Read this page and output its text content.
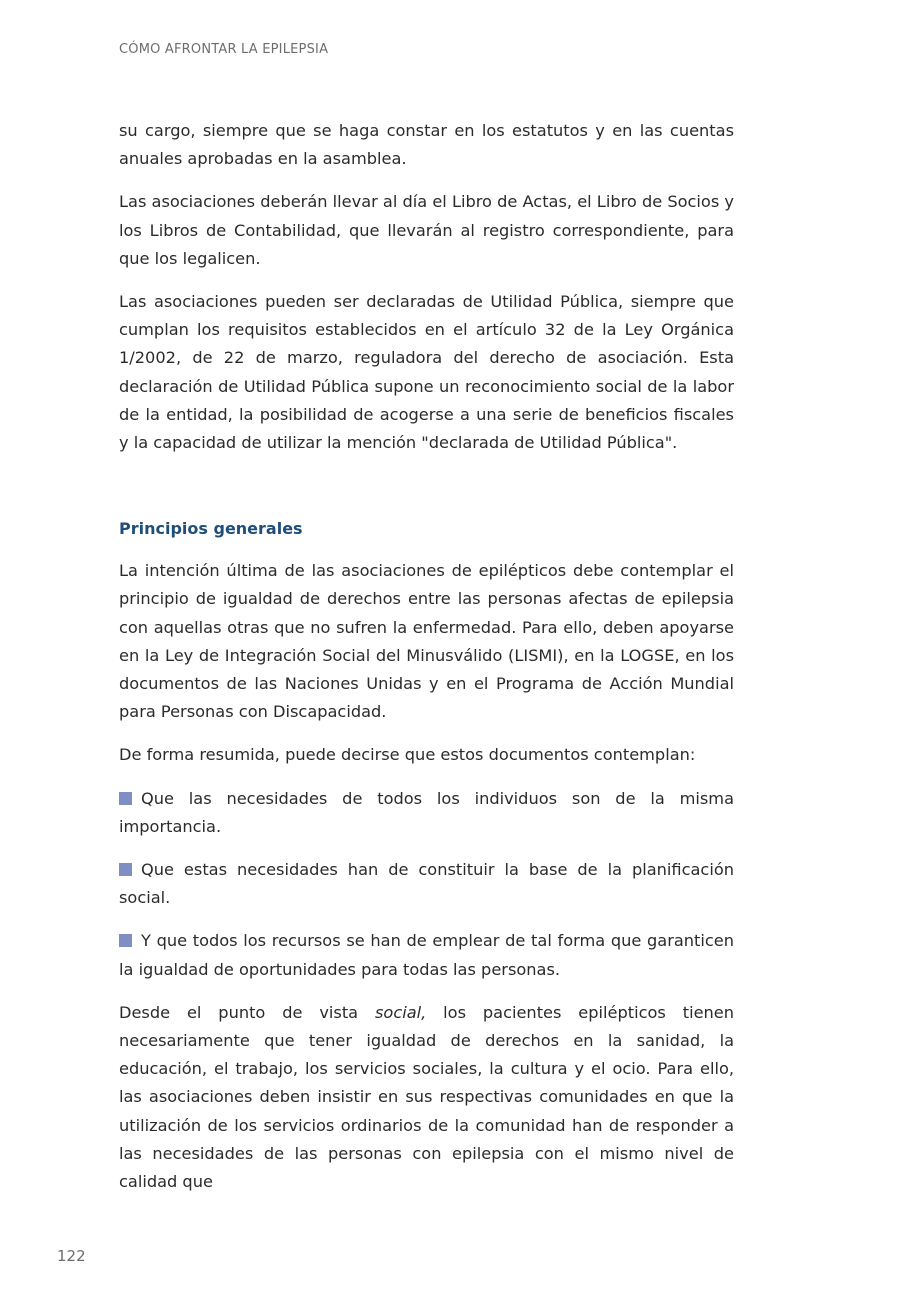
CÓMO AFRONTAR LA EPILEPSIA

su cargo, siempre que se haga constar en los estatutos y en las cuentas anuales aprobadas en la asamblea.

Las asociaciones deberán llevar al día el Libro de Actas, el Libro de Socios y los Libros de Contabilidad, que llevarán al registro correspondiente, para que los legalicen.

Las asociaciones pueden ser declaradas de Utilidad Pública, siempre que cumplan los requisitos establecidos en el artículo 32 de la Ley Orgánica 1/2002, de 22 de marzo, reguladora del derecho de asociación. Esta declaración de Utilidad Pública supone un reconocimiento social de la labor de la entidad, la posibilidad de acogerse a una serie de beneficios fiscales y la capacidad de utilizar la mención "declarada de Utilidad Pública".

Principios generales

La intención última de las asociaciones de epilépticos debe contemplar el principio de igualdad de derechos entre las personas afectas de epilepsia con aquellas otras que no sufren la enfermedad. Para ello, deben apoyarse en la Ley de Integración Social del Minusválido (LISMI), en la LOGSE, en los documentos de las Naciones Unidas y en el Programa de Acción Mundial para Personas con Discapacidad.

De forma resumida, puede decirse que estos documentos contemplan:

Que las necesidades de todos los individuos son de la misma importancia.

Que estas necesidades han de constituir la base de la planificación social.

Y que todos los recursos se han de emplear de tal forma que garanticen la igualdad de oportunidades para todas las personas.

Desde el punto de vista social, los pacientes epilépticos tienen necesariamente que tener igualdad de derechos en la sanidad, la educación, el trabajo, los servicios sociales, la cultura y el ocio. Para ello, las asociaciones deben insistir en sus respectivas comunidades en que la utilización de los servicios ordinarios de la comunidad han de responder a las necesidades de las personas con epilepsia con el mismo nivel de calidad que

122
